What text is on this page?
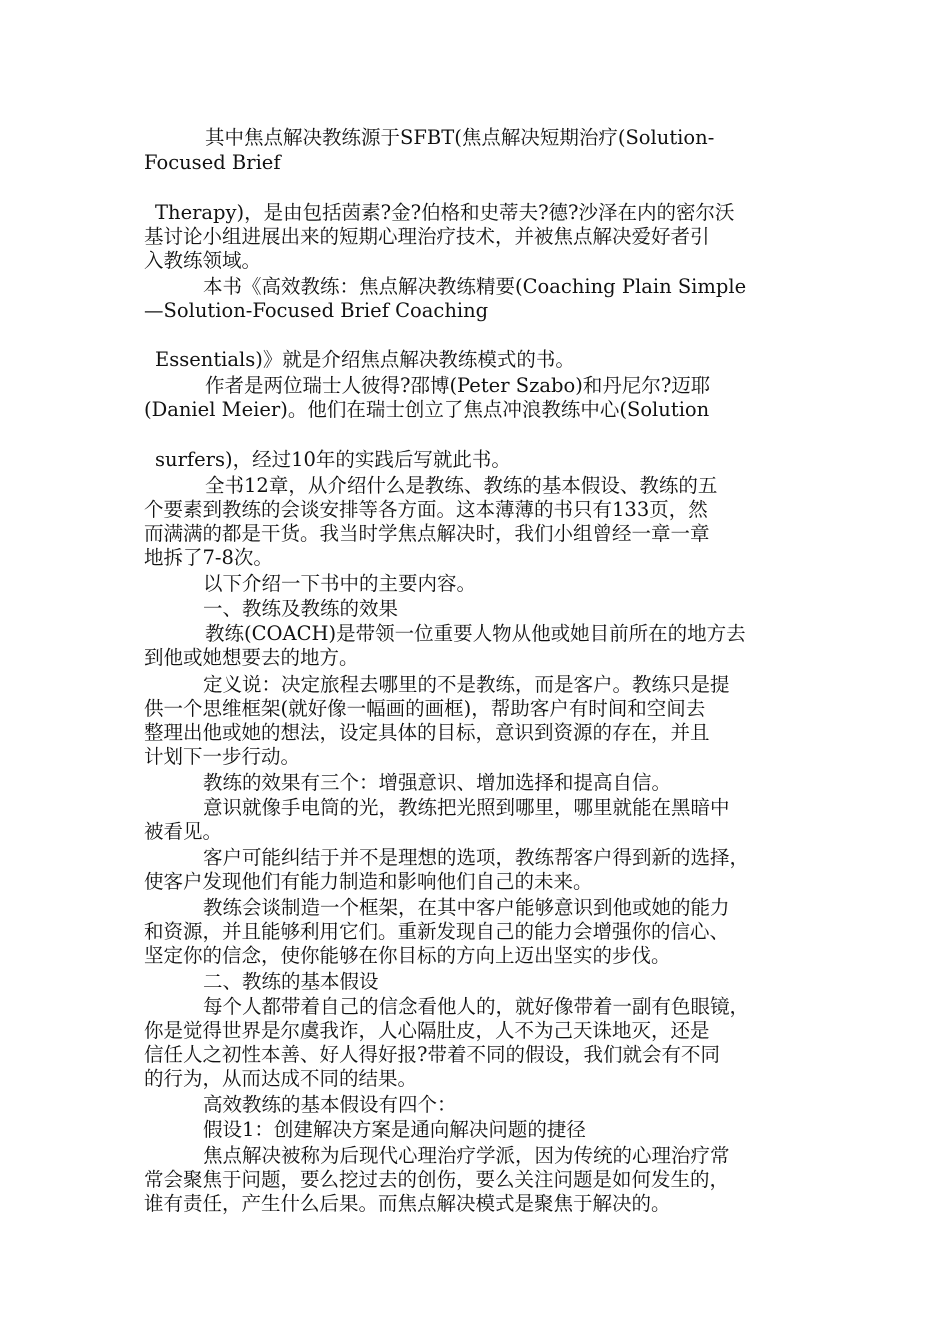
其中焦点解决教练源于SFBT(焦点解决短期治疗(Solution-

Focused Brief

Therapy)，是由包括茵素?金?伯格和史蒂夫?德?沙泽在内的密尔沃

基讨论小组进展出来的短期心理治疗技术，并被焦点解决爱好者引

入教练领域。

本书《高效教练：焦点解决教练精要(Coaching Plain Simple

—Solution-Focused Brief Coaching

Essentials)》就是介绍焦点解决教练模式的书。

作者是两位瑞士人彼得?邵博(Peter Szabo)和丹尼尔?迈耶

(Daniel Meier)。他们在瑞士创立了焦点冲浪教练中心(Solution

surfers)，经过10年的实践后写就此书。

全书12章，从介绍什么是教练、教练的基本假设、教练的五

个要素到教练的会谈安排等各方面。这本薄薄的书只有133页，然

而满满的都是干货。我当时学焦点解决时，我们小组曾经一章一章

地拆了7-8次。

以下介绍一下书中的主要内容。

一、教练及教练的效果

教练(COACH)是带领一位重要人物从他或她目前所在的地方去

到他或她想要去的地方。

定义说：决定旅程去哪里的不是教练，而是客户。教练只是提

供一个思维框架(就好像一幅画的画框)，帮助客户有时间和空间去

整理出他或她的想法，设定具体的目标，意识到资源的存在，并且

计划下一步行动。

教练的效果有三个：增强意识、增加选择和提高自信。

意识就像手电筒的光，教练把光照到哪里，哪里就能在黑暗中

被看见。

客户可能纠结于并不是理想的选项，教练帮客户得到新的选择，

使客户发现他们有能力制造和影响他们自己的未来。

教练会谈制造一个框架，在其中客户能够意识到他或她的能力

和资源，并且能够利用它们。重新发现自己的能力会增强你的信心、

坚定你的信念，使你能够在你目标的方向上迈出坚实的步伐。

二、教练的基本假设

每个人都带着自己的信念看他人的，就好像带着一副有色眼镜，

你是觉得世界是尔虞我诈，人心隔肚皮，人不为己天诛地灭，还是

信任人之初性本善、好人得好报?带着不同的假设，我们就会有不同

的行为，从而达成不同的结果。

高效教练的基本假设有四个：

假设1：创建解决方案是通向解决问题的捷径

焦点解决被称为后现代心理治疗学派，因为传统的心理治疗常

常会聚焦于问题，要么挖过去的创伤，要么关注问题是如何发生的，

谁有责任，产生什么后果。而焦点解决模式是聚焦于解决的。
